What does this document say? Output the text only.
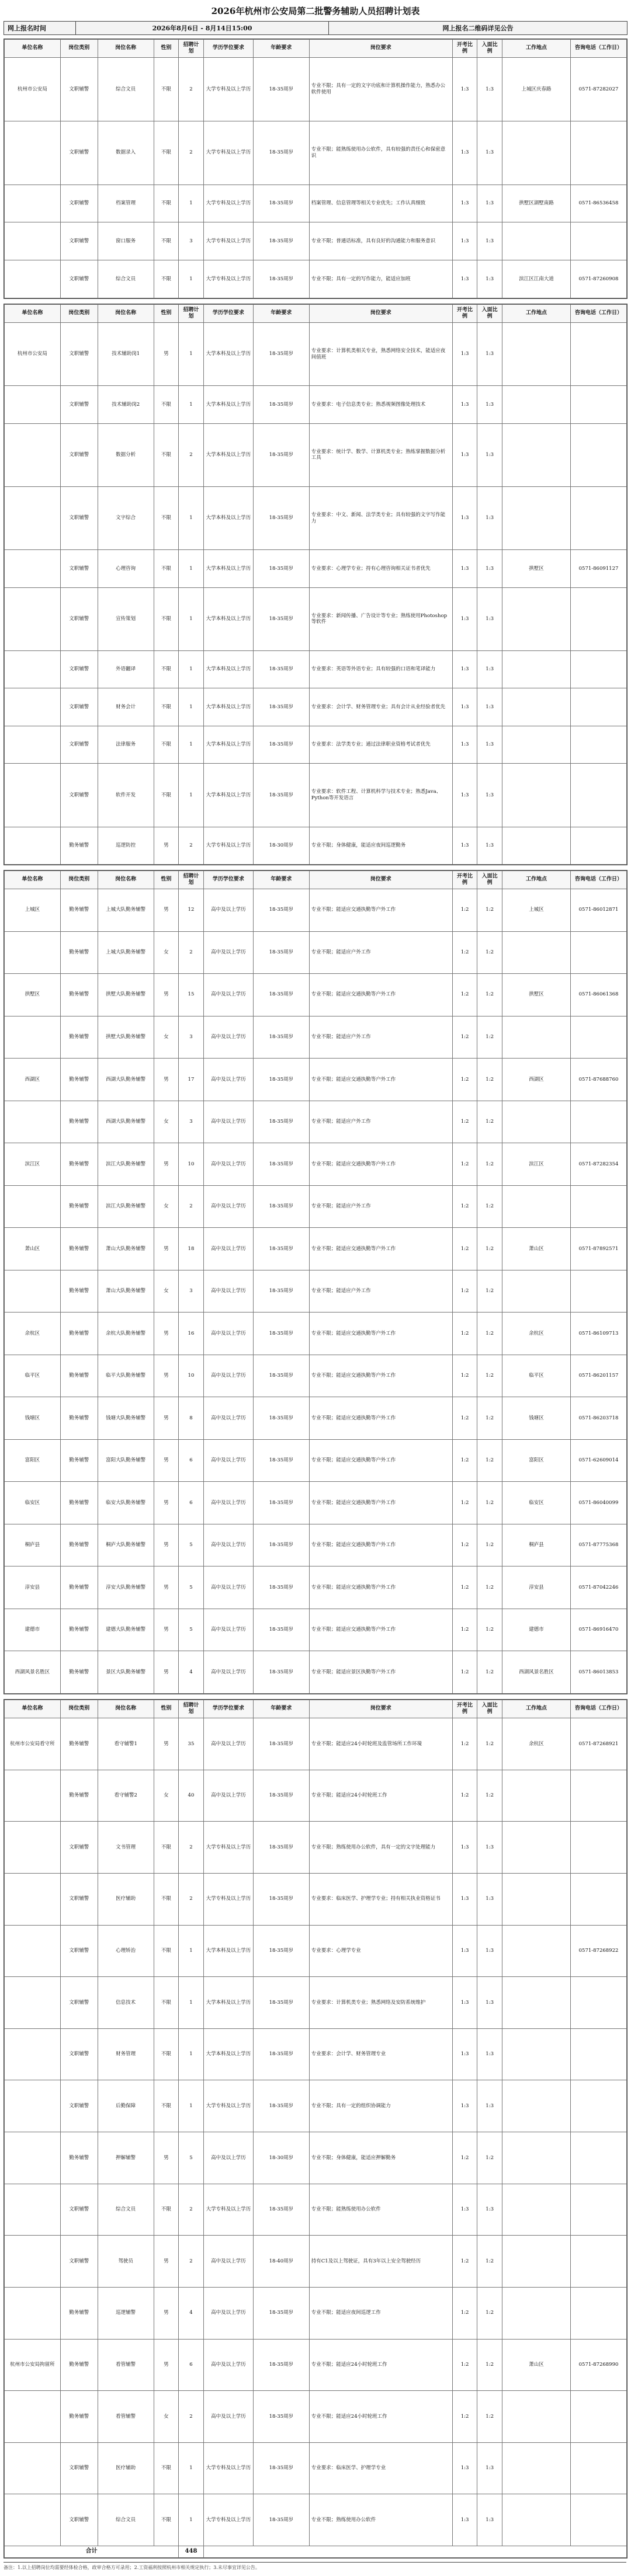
2026年杭州市公安局第二批警务辅助人员招聘计划表
网上报名时间	2026年8月6日 - 8月14日15:00	网上报名二维码详见公告
单位名称	岗位类别	岗位名称	性别	招聘计划	学历学位要求	年龄要求	岗位要求	开考比例	入面比例	工作地点	咨询电话（工作日）
杭州市公安局	文职辅警	综合文员	不限	2	大学专科及以上学历	18-35周岁	专业不限；具有一定的文字功底和计算机操作能力，熟悉办公软件使用	1:3	1:3	上城区庆春路	0571-87282027
	文职辅警	数据录入	不限	2	大学专科及以上学历	18-35周岁	专业不限；能熟练使用办公软件，具有较强的责任心和保密意识	1:3	1:3		
	文职辅警	档案管理	不限	1	大学专科及以上学历	18-35周岁	档案管理、信息管理等相关专业优先；工作认真细致	1:3	1:3	拱墅区湖墅南路	0571-86536458
	文职辅警	窗口服务	不限	3	大学专科及以上学历	18-35周岁	专业不限；普通话标准，具有良好的沟通能力和服务意识	1:3	1:3		
	文职辅警	综合文员	不限	1	大学专科及以上学历	18-35周岁	专业不限；具有一定的写作能力，能适应加班	1:3	1:3	滨江区江南大道	0571-87260908
单位名称	岗位类别	岗位名称	性别	招聘计划	学历学位要求	年龄要求	岗位要求	开考比例	入面比例	工作地点	咨询电话（工作日）
杭州市公安局	文职辅警	技术辅助岗1	男	1	大学本科及以上学历	18-35周岁	专业要求：计算机类相关专业，熟悉网络安全技术，能适应夜间值班	1:3	1:3		
	文职辅警	技术辅助岗2	不限	1	大学本科及以上学历	18-35周岁	专业要求：电子信息类专业；熟悉视频图像处理技术	1:3	1:3		
	文职辅警	数据分析	不限	2	大学本科及以上学历	18-35周岁	专业要求：统计学、数学、计算机类专业；熟练掌握数据分析工具	1:3	1:3		
	文职辅警	文字综合	不限	1	大学本科及以上学历	18-35周岁	专业要求：中文、新闻、法学类专业；具有较强的文字写作能力	1:3	1:3		
	文职辅警	心理咨询	不限	1	大学本科及以上学历	18-35周岁	专业要求：心理学专业；持有心理咨询相关证书者优先	1:3	1:3	拱墅区	0571-86091127
	文职辅警	宣传策划	不限	1	大学本科及以上学历	18-35周岁	专业要求：新闻传播、广告设计等专业；熟练使用Photoshop等软件	1:3	1:3		
	文职辅警	外语翻译	不限	1	大学本科及以上学历	18-35周岁	专业要求：英语等外语专业；具有较强的口语和笔译能力	1:3	1:3		
	文职辅警	财务会计	不限	1	大学本科及以上学历	18-35周岁	专业要求：会计学、财务管理专业；具有会计从业经验者优先	1:3	1:3		
	文职辅警	法律服务	不限	1	大学本科及以上学历	18-35周岁	专业要求：法学类专业；通过法律职业资格考试者优先	1:3	1:3		
	文职辅警	软件开发	不限	1	大学本科及以上学历	18-35周岁	专业要求：软件工程、计算机科学与技术专业；熟悉Java、Python等开发语言	1:3	1:3		
	勤务辅警	巡逻防控	男	2	大学专科及以上学历	18-30周岁	专业不限；身体健康，能适应夜间巡逻勤务	1:3	1:3		
单位名称	岗位类别	岗位名称	性别	招聘计划	学历学位要求	年龄要求	岗位要求	开考比例	入面比例	工作地点	咨询电话（工作日）
上城区	勤务辅警	上城大队勤务辅警	男	12	高中及以上学历	18-35周岁	专业不限；能适应交通执勤等户外工作	1:2	1:2	上城区	0571-86012871
	勤务辅警	上城大队勤务辅警	女	2	高中及以上学历	18-35周岁	专业不限；能适应户外工作	1:2	1:2		
拱墅区	勤务辅警	拱墅大队勤务辅警	男	15	高中及以上学历	18-35周岁	专业不限；能适应交通执勤等户外工作	1:2	1:2	拱墅区	0571-86061368
	勤务辅警	拱墅大队勤务辅警	女	3	高中及以上学历	18-35周岁	专业不限；能适应户外工作	1:2	1:2		
西湖区	勤务辅警	西湖大队勤务辅警	男	17	高中及以上学历	18-35周岁	专业不限；能适应交通执勤等户外工作	1:2	1:2	西湖区	0571-87688760
	勤务辅警	西湖大队勤务辅警	女	3	高中及以上学历	18-35周岁	专业不限；能适应户外工作	1:2	1:2		
滨江区	勤务辅警	滨江大队勤务辅警	男	10	高中及以上学历	18-35周岁	专业不限；能适应交通执勤等户外工作	1:2	1:2	滨江区	0571-87282354
	勤务辅警	滨江大队勤务辅警	女	2	高中及以上学历	18-35周岁	专业不限；能适应户外工作	1:2	1:2		
萧山区	勤务辅警	萧山大队勤务辅警	男	18	高中及以上学历	18-35周岁	专业不限；能适应交通执勤等户外工作	1:2	1:2	萧山区	0571-87892571
	勤务辅警	萧山大队勤务辅警	女	3	高中及以上学历	18-35周岁	专业不限；能适应户外工作	1:2	1:2		
余杭区	勤务辅警	余杭大队勤务辅警	男	16	高中及以上学历	18-35周岁	专业不限；能适应交通执勤等户外工作	1:2	1:2	余杭区	0571-86109713
临平区	勤务辅警	临平大队勤务辅警	男	10	高中及以上学历	18-35周岁	专业不限；能适应交通执勤等户外工作	1:2	1:2	临平区	0571-86201157
钱塘区	勤务辅警	钱塘大队勤务辅警	男	8	高中及以上学历	18-35周岁	专业不限；能适应交通执勤等户外工作	1:2	1:2	钱塘区	0571-86203718
富阳区	勤务辅警	富阳大队勤务辅警	男	6	高中及以上学历	18-35周岁	专业不限；能适应交通执勤等户外工作	1:2	1:2	富阳区	0571-62609014
临安区	勤务辅警	临安大队勤务辅警	男	6	高中及以上学历	18-35周岁	专业不限；能适应交通执勤等户外工作	1:2	1:2	临安区	0571-86040099
桐庐县	勤务辅警	桐庐大队勤务辅警	男	5	高中及以上学历	18-35周岁	专业不限；能适应交通执勤等户外工作	1:2	1:2	桐庐县	0571-87775368
淳安县	勤务辅警	淳安大队勤务辅警	男	5	高中及以上学历	18-35周岁	专业不限；能适应交通执勤等户外工作	1:2	1:2	淳安县	0571-87042246
建德市	勤务辅警	建德大队勤务辅警	男	5	高中及以上学历	18-35周岁	专业不限；能适应交通执勤等户外工作	1:2	1:2	建德市	0571-86916470
西湖风景名胜区	勤务辅警	景区大队勤务辅警	男	4	高中及以上学历	18-35周岁	专业不限；能适应景区执勤等户外工作	1:2	1:2	西湖风景名胜区	0571-86013853
单位名称	岗位类别	岗位名称	性别	招聘计划	学历学位要求	年龄要求	岗位要求	开考比例	入面比例	工作地点	咨询电话（工作日）
杭州市公安局看守所	勤务辅警	看守辅警1	男	35	高中及以上学历	18-35周岁	专业不限；能适应24小时轮班及监管场所工作环境	1:2	1:2	余杭区	0571-87268921
	勤务辅警	看守辅警2	女	40	高中及以上学历	18-35周岁	专业不限；能适应24小时轮班工作	1:2	1:2		
	文职辅警	文书管理	不限	2	大学专科及以上学历	18-35周岁	专业不限；熟练使用办公软件，具有一定的文字处理能力	1:3	1:3		
	文职辅警	医疗辅助	不限	2	大学专科及以上学历	18-35周岁	专业要求：临床医学、护理学专业；持有相关执业资格证书	1:3	1:3		
	文职辅警	心理矫治	不限	1	大学本科及以上学历	18-35周岁	专业要求：心理学专业	1:3	1:3		0571-87268922
	文职辅警	信息技术	不限	1	大学本科及以上学历	18-35周岁	专业要求：计算机类专业；熟悉网络及安防系统维护	1:3	1:3		
	文职辅警	财务管理	不限	1	大学本科及以上学历	18-35周岁	专业要求：会计学、财务管理专业	1:3	1:3		
	文职辅警	后勤保障	不限	1	大学专科及以上学历	18-35周岁	专业不限；具有一定的组织协调能力	1:3	1:3		
	勤务辅警	押解辅警	男	5	高中及以上学历	18-30周岁	专业不限；身体健康，能适应押解勤务	1:2	1:2		
	文职辅警	综合文员	不限	2	大学专科及以上学历	18-35周岁	专业不限；能熟练使用办公软件	1:3	1:3		
	文职辅警	驾驶员	男	2	高中及以上学历	18-40周岁	持有C1及以上驾驶证，具有3年以上安全驾驶经历	1:2	1:2		
	勤务辅警	巡逻辅警	男	4	高中及以上学历	18-35周岁	专业不限；能适应夜间巡逻工作	1:2	1:2		
杭州市公安局拘留所	勤务辅警	看管辅警	男	6	高中及以上学历	18-35周岁	专业不限；能适应24小时轮班工作	1:2	1:2	萧山区	0571-87268990
	勤务辅警	看管辅警	女	2	高中及以上学历	18-35周岁	专业不限；能适应24小时轮班工作	1:2	1:2		
	文职辅警	医疗辅助	不限	1	大学专科及以上学历	18-35周岁	专业要求：临床医学、护理学专业	1:3	1:3		
	文职辅警	综合文员	不限	1	大学专科及以上学历	18-35周岁	专业不限；熟练使用办公软件	1:3	1:3		
合计				448							
备注：1.以上招聘岗位均需要经体检合格，政审合格方可录用；2.工资福利按照杭州市相关规定执行；3.未尽事宜详见公告。
